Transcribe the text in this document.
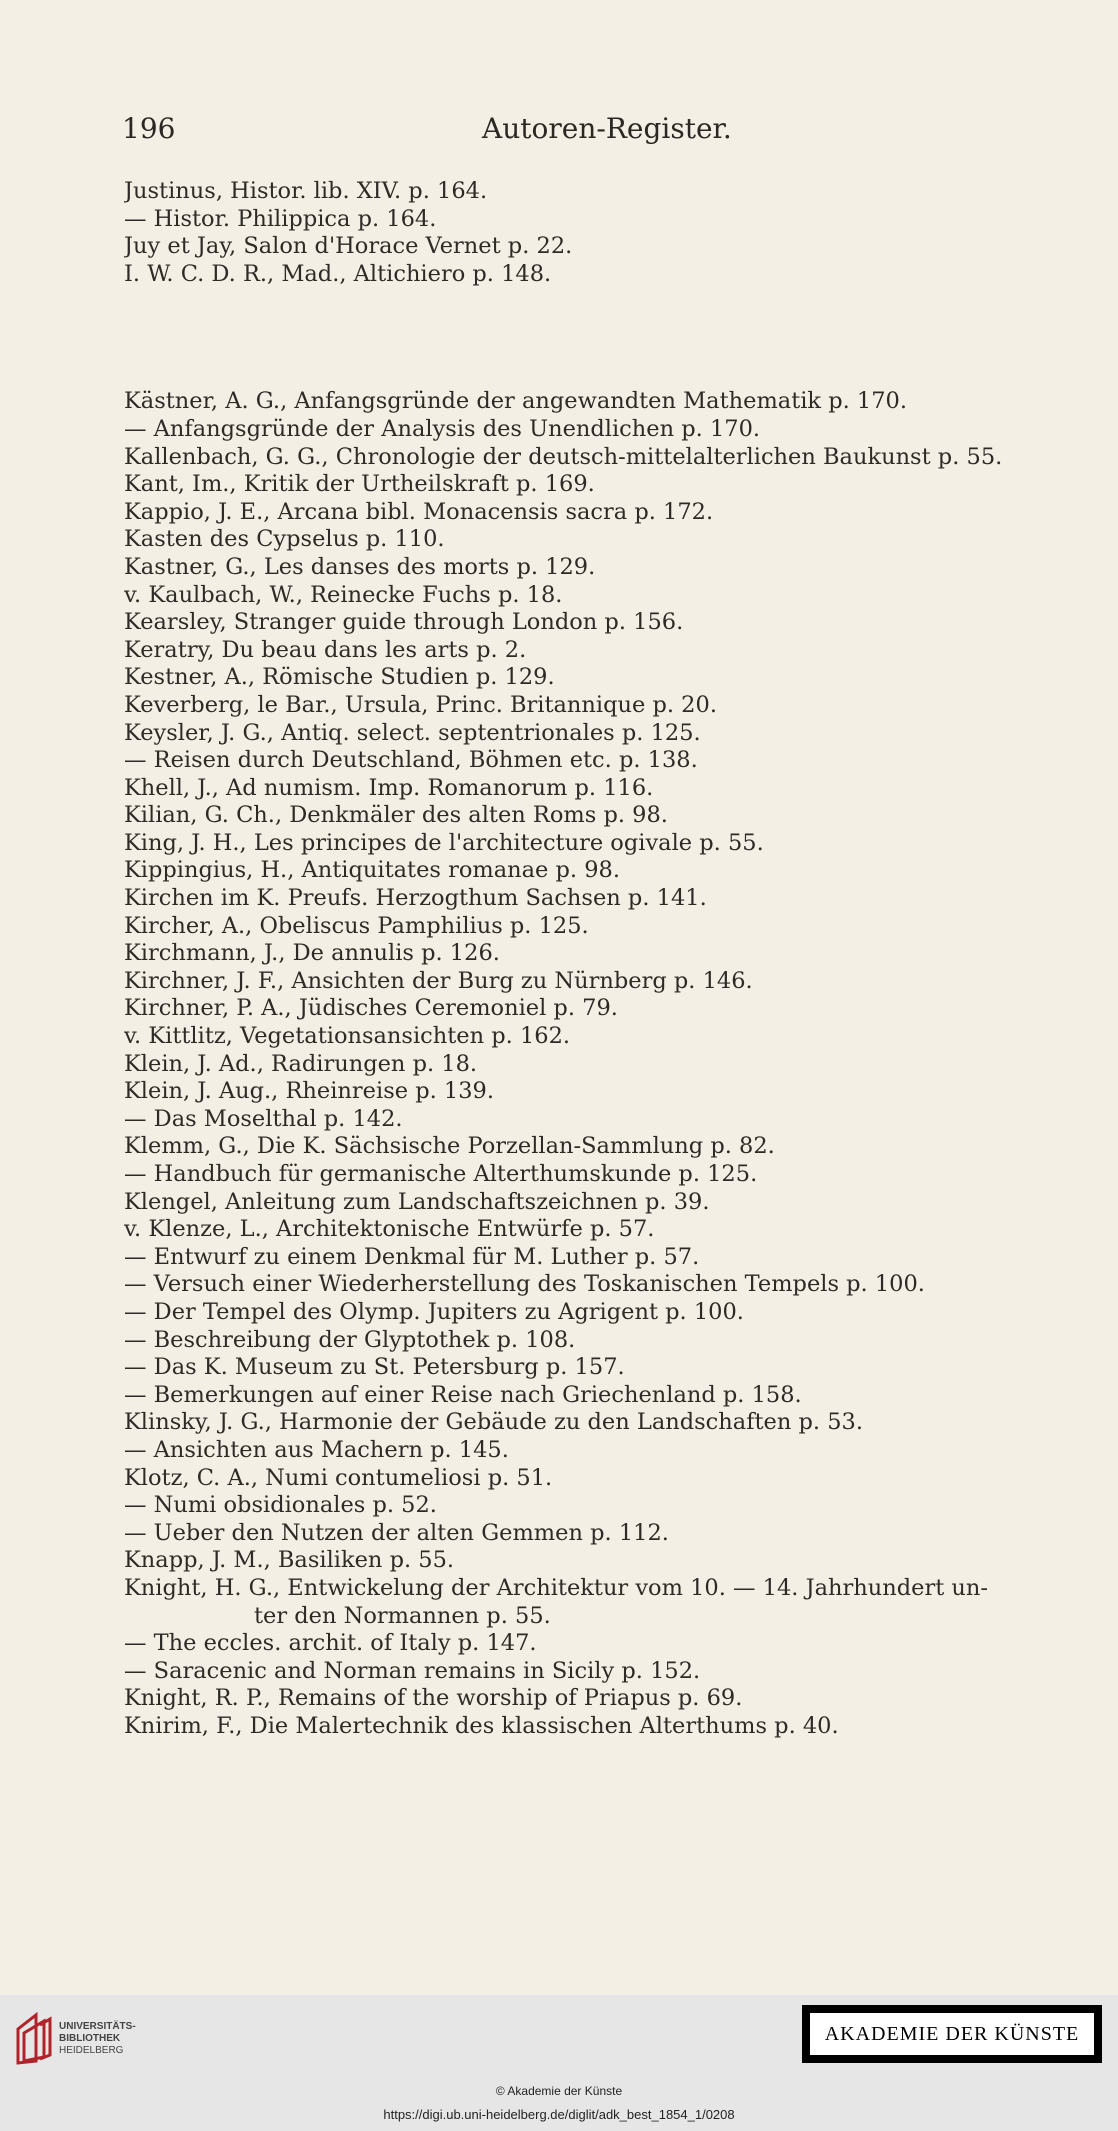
196	Autoren-Register.
Justinus, Histor. lib. XIV. p. 164.
— Histor. Philippica p. 164.
Juy et Jay, Salon d'Horace Vernet p. 22.
I. W. C. D. R., Mad., Altichiero p. 148.
Kästner, A. G., Anfangsgründe der angewandten Mathematik p. 170.
— Anfangsgründe der Analysis des Unendlichen p. 170.
Kallenbach, G. G., Chronologie der deutsch-mittelalterlichen Baukunst p. 55.
Kant, Im., Kritik der Urtheilskraft p. 169.
Kappio, J. E., Arcana bibl. Monacensis sacra p. 172.
Kasten des Cypselus p. 110.
Kastner, G., Les danses des morts p. 129.
v. Kaulbach, W., Reinecke Fuchs p. 18.
Kearsley, Stranger guide through London p. 156.
Keratry, Du beau dans les arts p. 2.
Kestner, A., Römische Studien p. 129.
Keverberg, le Bar., Ursula, Princ. Britannique p. 20.
Keysler, J. G., Antiq. select. septentrionales p. 125.
— Reisen durch Deutschland, Böhmen etc. p. 138.
Khell, J., Ad numism. Imp. Romanorum p. 116.
Kilian, G. Ch., Denkmäler des alten Roms p. 98.
King, J. H., Les principes de l'architecture ogivale p. 55.
Kippingius, H., Antiquitates romanae p. 98.
Kirchen im K. Preufs. Herzogthum Sachsen p. 141.
Kircher, A., Obeliscus Pamphilius p. 125.
Kirchmann, J., De annulis p. 126.
Kirchner, J. F., Ansichten der Burg zu Nürnberg p. 146.
Kirchner, P. A., Jüdisches Ceremoniel p. 79.
v. Kittlitz, Vegetationsansichten p. 162.
Klein, J. Ad., Radirungen p. 18.
Klein, J. Aug., Rheinreise p. 139.
— Das Moselthal p. 142.
Klemm, G., Die K. Sächsische Porzellan-Sammlung p. 82.
— Handbuch für germanische Alterthumskunde p. 125.
Klengel, Anleitung zum Landschaftszeichnen p. 39.
v. Klenze, L., Architektonische Entwürfe p. 57.
— Entwurf zu einem Denkmal für M. Luther p. 57.
— Versuch einer Wiederherstellung des Toskanischen Tempels p. 100.
— Der Tempel des Olymp. Jupiters zu Agrigent p. 100.
— Beschreibung der Glyptothek p. 108.
— Das K. Museum zu St. Petersburg p. 157.
— Bemerkungen auf einer Reise nach Griechenland p. 158.
Klinsky, J. G., Harmonie der Gebäude zu den Landschaften p. 53.
— Ansichten aus Machern p. 145.
Klotz, C. A., Numi contumeliosi p. 51.
— Numi obsidionales p. 52.
— Ueber den Nutzen der alten Gemmen p. 112.
Knapp, J. M., Basiliken p. 55.
Knight, H. G., Entwickelung der Architektur vom 10. — 14. Jahrhundert un-
ter den Normannen p. 55.
— The eccles. archit. of Italy p. 147.
— Saracenic and Norman remains in Sicily p. 152.
Knight, R. P., Remains of the worship of Priapus p. 69.
Knirim, F., Die Malertechnik des klassischen Alterthums p. 40.
UNIVERSITÄTS-
BIBLIOTHEK
HEIDELBERG
AKADEMIE DER KÜNSTE
© Akademie der Künste
https://digi.ub.uni-heidelberg.de/diglit/adk_best_1854_1/0208
